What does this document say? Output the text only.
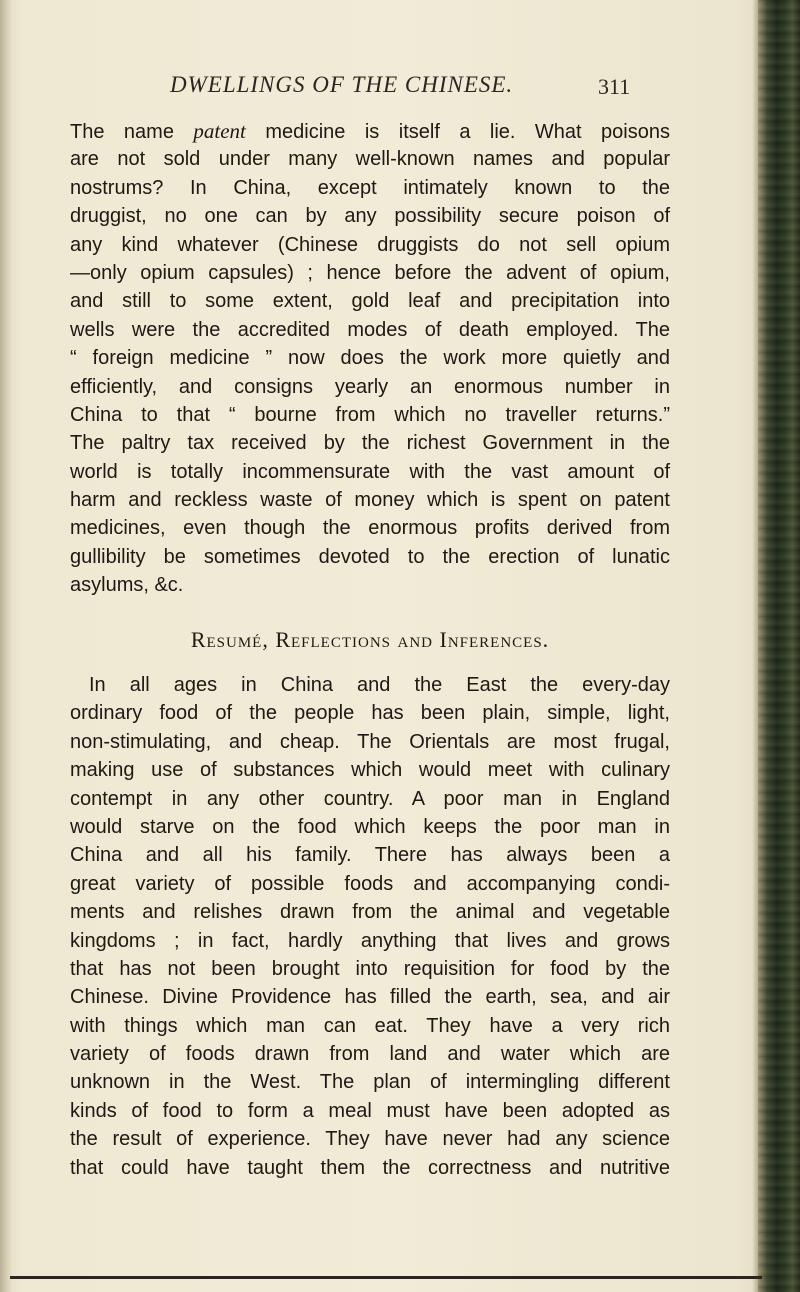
DWELLINGS OF THE CHINESE.	311
The name patent medicine is itself a lie. What poisons
are not sold under many well-known names and popular
nostrums? In China, except intimately known to the
druggist, no one can by any possibility secure poison of
any kind whatever (Chinese druggists do not sell opium
—only opium capsules) ; hence before the advent of opium,
and still to some extent, gold leaf and precipitation into
wells were the accredited modes of death employed. The
“ foreign medicine ” now does the work more quietly and
efficiently, and consigns yearly an enormous number in
China to that “ bourne from which no traveller returns.”
The paltry tax received by the richest Government in the
world is totally incommensurate with the vast amount of
harm and reckless waste of money which is spent on patent
medicines, even though the enormous profits derived from
gullibility be sometimes devoted to the erection of lunatic
asylums, &c.
Resumé, Reflections and Inferences.
In all ages in China and the East the every-day
ordinary food of the people has been plain, simple, light,
non-stimulating, and cheap. The Orientals are most frugal,
making use of substances which would meet with culinary
contempt in any other country. A poor man in England
would starve on the food which keeps the poor man in
China and all his family. There has always been a
great variety of possible foods and accompanying condi-
ments and relishes drawn from the animal and vegetable
kingdoms ; in fact, hardly anything that lives and grows
that has not been brought into requisition for food by the
Chinese. Divine Providence has filled the earth, sea, and air
with things which man can eat. They have a very rich
variety of foods drawn from land and water which are
unknown in the West. The plan of intermingling different
kinds of food to form a meal must have been adopted as
the result of experience. They have never had any science
that could have taught them the correctness and nutritive
